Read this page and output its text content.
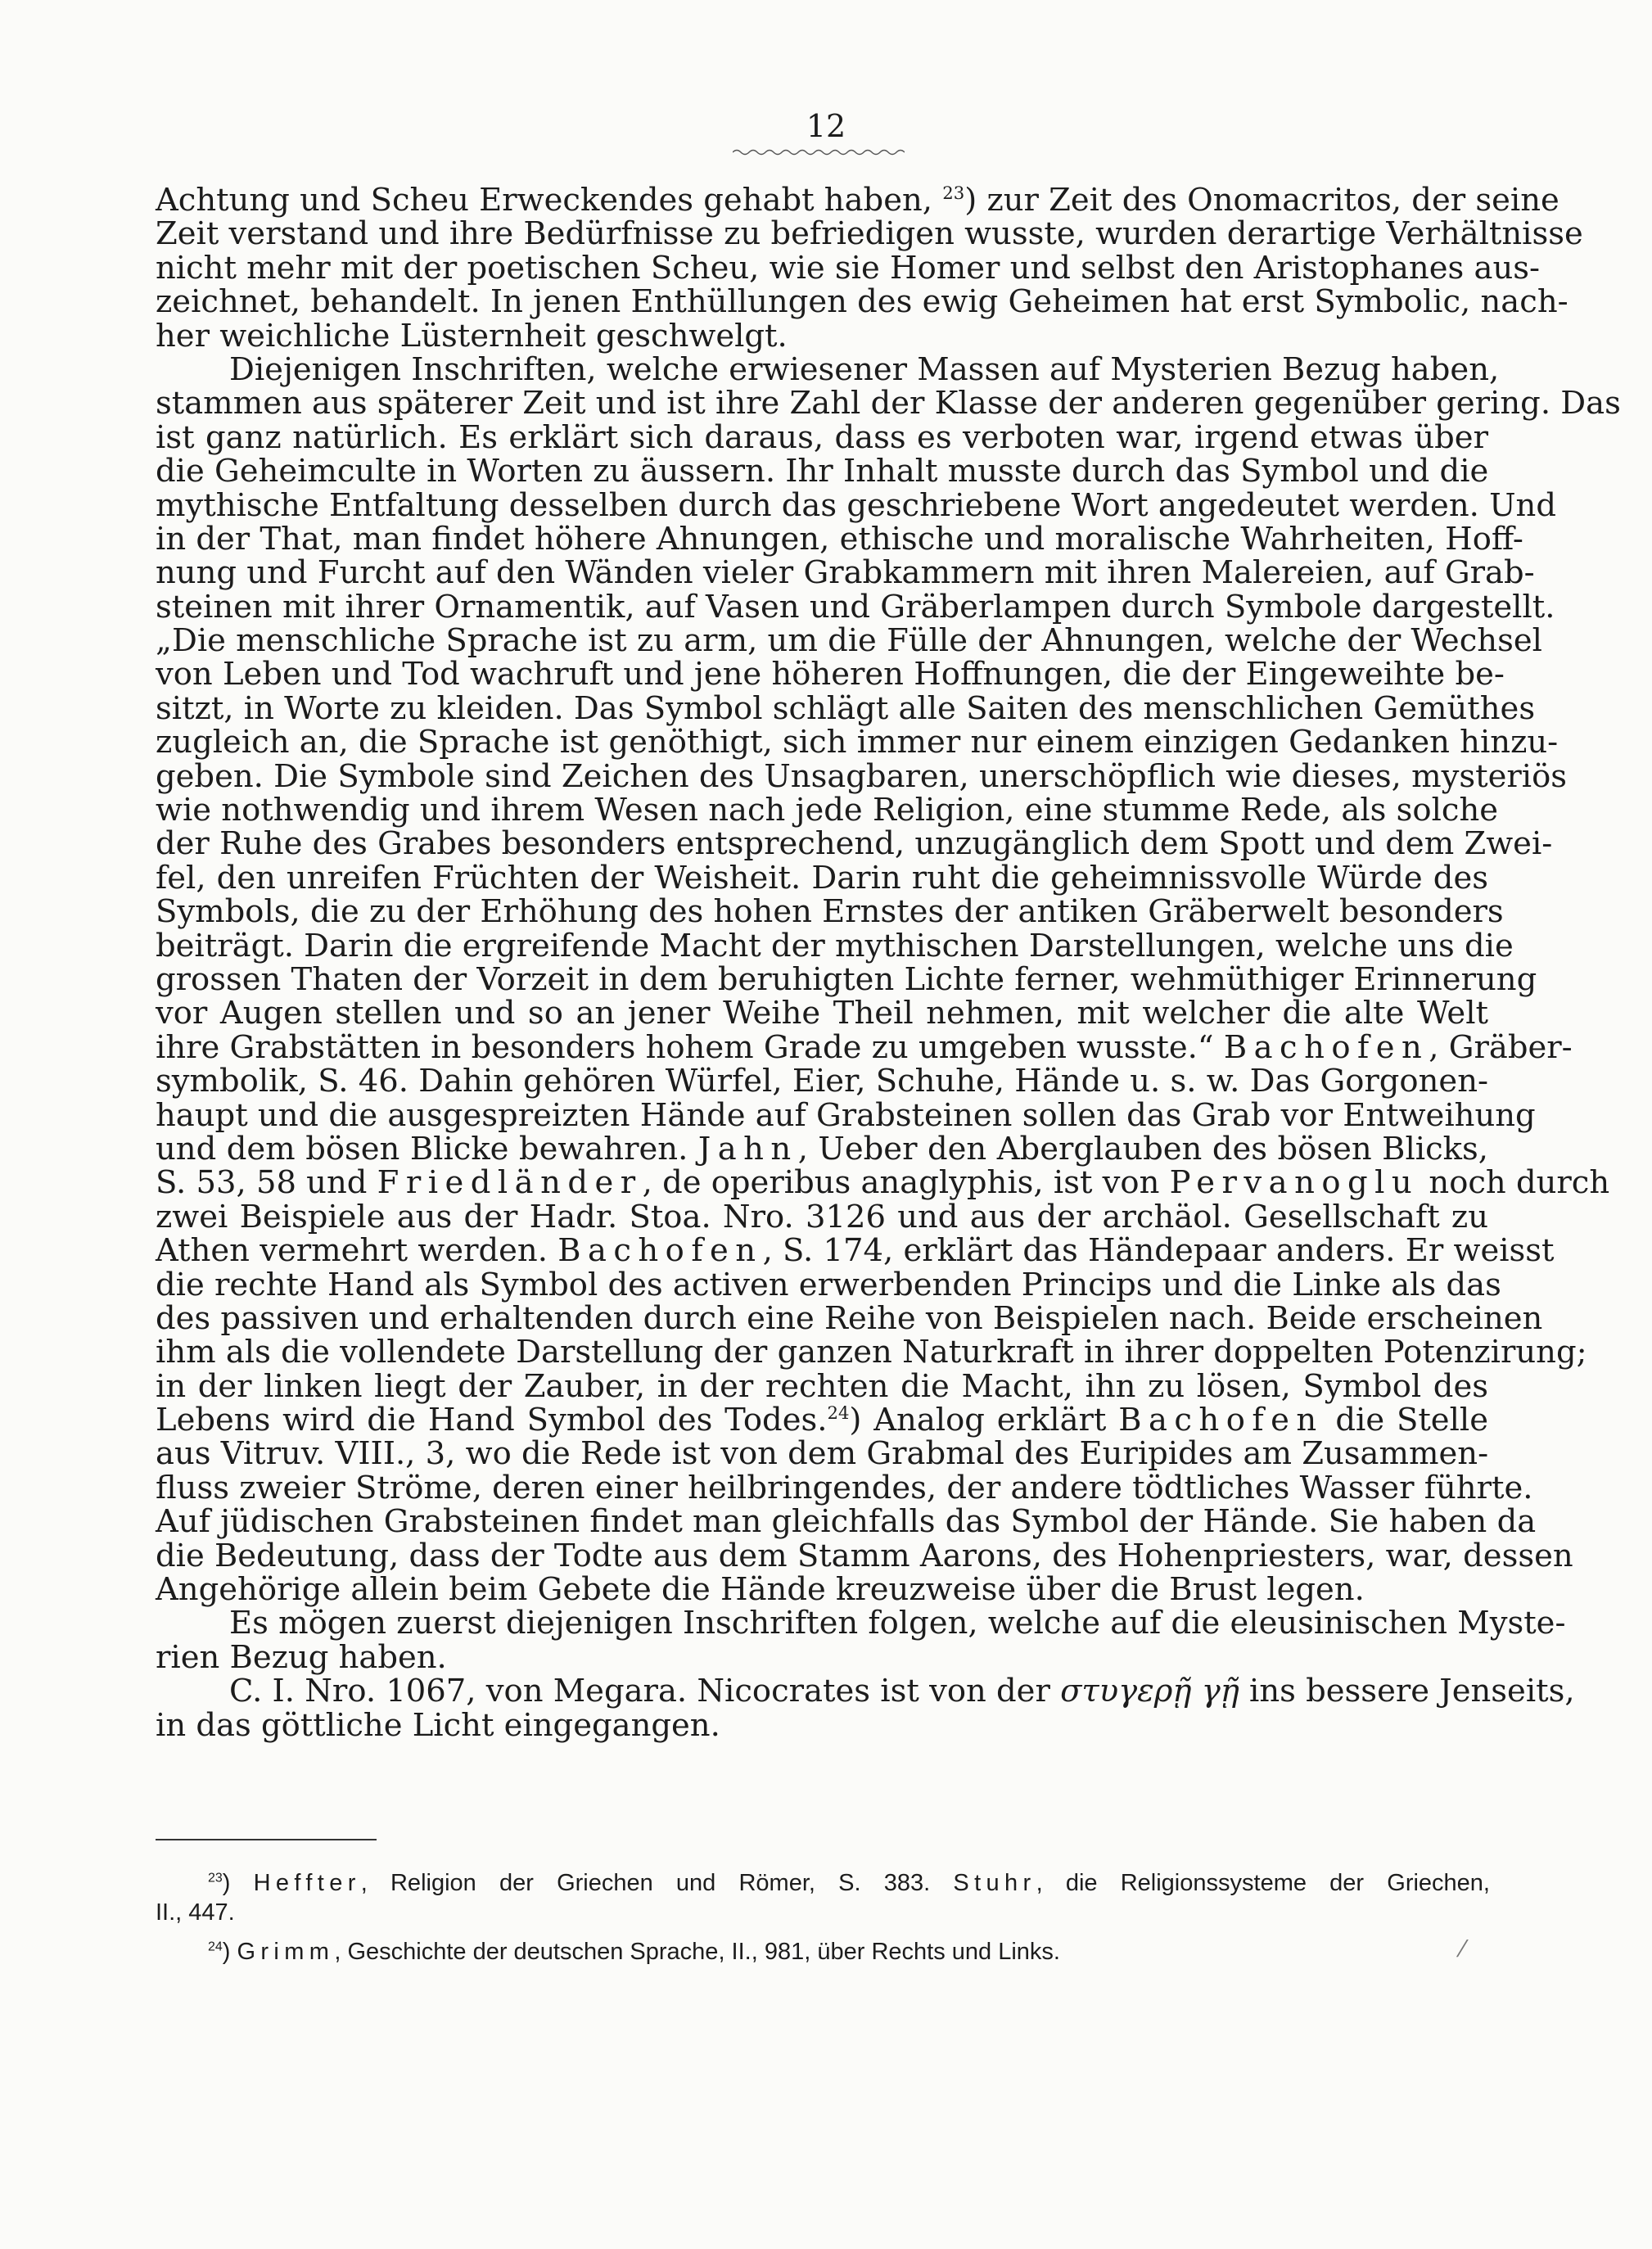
12
Achtung und Scheu Erweckendes gehabt haben, $^{23}$) zur Zeit des Onomacritos, der seine
Zeit verstand und ihre Bedürfnisse zu befriedigen wusste, wurden derartige Verhältnisse
nicht mehr mit der poetischen Scheu, wie sie Homer und selbst den Aristophanes aus-
zeichnet, behandelt. In jenen Enthüllungen des ewig Geheimen hat erst Symbolic, nach-
her weichliche Lüsternheit geschwelgt.
Diejenigen Inschriften, welche erwiesener Massen auf Mysterien Bezug haben,
stammen aus späterer Zeit und ist ihre Zahl der Klasse der anderen gegenüber gering. Das
ist ganz natürlich. Es erklärt sich daraus, dass es verboten war, irgend etwas über
die Geheimculte in Worten zu äussern. Ihr Inhalt musste durch das Symbol und die
mythische Entfaltung desselben durch das geschriebene Wort angedeutet werden. Und
in der That, man findet höhere Ahnungen, ethische und moralische Wahrheiten, Hoff-
nung und Furcht auf den Wänden vieler Grabkammern mit ihren Malereien, auf Grab-
steinen mit ihrer Ornamentik, auf Vasen und Gräberlampen durch Symbole dargestellt.
„Die menschliche Sprache ist zu arm, um die Fülle der Ahnungen, welche der Wechsel
von Leben und Tod wachruft und jene höheren Hoffnungen, die der Eingeweihte be-
sitzt, in Worte zu kleiden. Das Symbol schlägt alle Saiten des menschlichen Gemüthes
zugleich an, die Sprache ist genöthigt, sich immer nur einem einzigen Gedanken hinzu-
geben. Die Symbole sind Zeichen des Unsagbaren, unerschöpflich wie dieses, mysteriös
wie nothwendig und ihrem Wesen nach jede Religion, eine stumme Rede, als solche
der Ruhe des Grabes besonders entsprechend, unzugänglich dem Spott und dem Zwei-
fel, den unreifen Früchten der Weisheit. Darin ruht die geheimnissvolle Würde des
Symbols, die zu der Erhöhung des hohen Ernstes der antiken Gräberwelt besonders
beiträgt. Darin die ergreifende Macht der mythischen Darstellungen, welche uns die
grossen Thaten der Vorzeit in dem beruhigten Lichte ferner, wehmüthiger Erinnerung
vor Augen stellen und so an jener Weihe Theil nehmen, mit welcher die alte Welt
ihre Grabstätten in besonders hohem Grade zu umgeben wusste.“ Bachofen, Gräber-
symbolik, S. 46. Dahin gehören Würfel, Eier, Schuhe, Hände u. s. w. Das Gorgonen-
haupt und die ausgespreizten Hände auf Grabsteinen sollen das Grab vor Entweihung
und dem bösen Blicke bewahren. Jahn, Ueber den Aberglauben des bösen Blicks,
S. 53, 58 und Friedländer, de operibus anaglyphis, ist von Pervanoglu noch durch
zwei Beispiele aus der Hadr. Stoa. Nro. 3126 und aus der archäol. Gesellschaft zu
Athen vermehrt werden. Bachofen, S. 174, erklärt das Händepaar anders. Er weisst
die rechte Hand als Symbol des activen erwerbenden Princips und die Linke als das
des passiven und erhaltenden durch eine Reihe von Beispielen nach. Beide erscheinen
ihm als die vollendete Darstellung der ganzen Naturkraft in ihrer doppelten Potenzirung;
in der linken liegt der Zauber, in der rechten die Macht, ihn zu lösen, Symbol des
Lebens wird die Hand Symbol des Todes.$^{24}$) Analog erklärt Bachofen die Stelle
aus Vitruv. VIII., 3, wo die Rede ist von dem Grabmal des Euripides am Zusammen-
fluss zweier Ströme, deren einer heilbringendes, der andere tödtliches Wasser führte.
Auf jüdischen Grabsteinen findet man gleichfalls das Symbol der Hände. Sie haben da
die Bedeutung, dass der Todte aus dem Stamm Aarons, des Hohenpriesters, war, dessen
Angehörige allein beim Gebete die Hände kreuzweise über die Brust legen.
Es mögen zuerst diejenigen Inschriften folgen, welche auf die eleusinischen Myste-
rien Bezug haben.
C. I. Nro. 1067, von Megara. Nicocrates ist von der στυγερῇ γῇ ins bessere Jenseits,
in das göttliche Licht eingegangen.
$^{23}$) Heffter, Religion der Griechen und Römer, S. 383. Stuhr, die Religionssysteme der Griechen,
II., 447.
$^{24}$) Grimm, Geschichte der deutschen Sprache, II., 981, über Rechts und Links.	⁄
